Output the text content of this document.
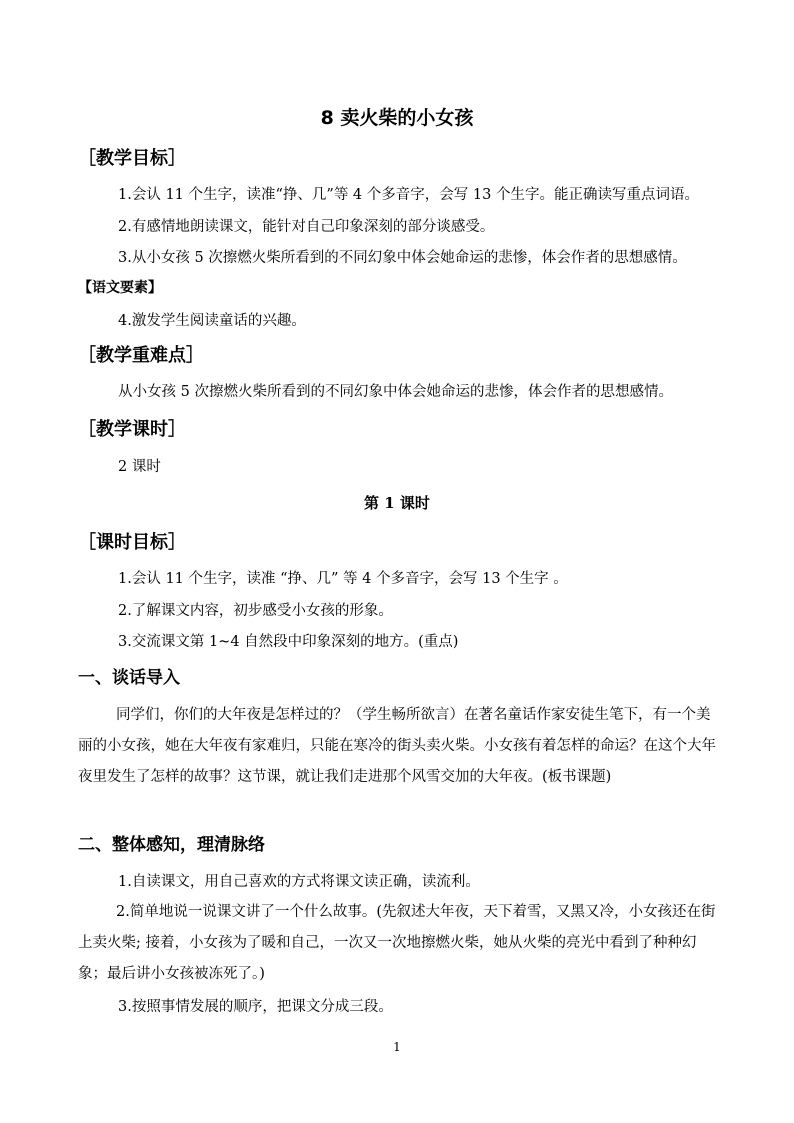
8 卖火柴的小女孩
［教学目标］
1.会认 11 个生字，读准“挣、几”等 4 个多音字，会写 13 个生字。能正确读写重点词语。
2.有感情地朗读课文，能针对自己印象深刻的部分谈感受。
3.从小女孩 5 次擦燃火柴所看到的不同幻象中体会她命运的悲惨，体会作者的思想感情。
【语文要素】
4.激发学生阅读童话的兴趣。
［教学重难点］
从小女孩 5 次擦燃火柴所看到的不同幻象中体会她命运的悲惨，体会作者的思想感情。
［教学课时］
2 课时
第 1 课时
［课时目标］
1.会认 11 个生字，读准 “挣、几” 等 4 个多音字，会写 13 个生字 。
2.了解课文内容，初步感受小女孩的形象。
3.交流课文第 1~4 自然段中印象深刻的地方。(重点)
一、谈话导入
同学们，你们的大年夜是怎样过的？（学生畅所欲言）在著名童话作家安徒生笔下，有一个美丽的小女孩，她在大年夜有家难归，只能在寒冷的街头卖火柴。小女孩有着怎样的命运？在这个大年夜里发生了怎样的故事？这节课，就让我们走进那个风雪交加的大年夜。(板书课题)
二、整体感知，理清脉络
1.自读课文，用自己喜欢的方式将课文读正确，读流利。
2.简单地说一说课文讲了一个什么故事。(先叙述大年夜，天下着雪，又黑又冷，小女孩还在街上卖火柴; 接着，小女孩为了暖和自己，一次又一次地擦燃火柴，她从火柴的亮光中看到了种种幻象；最后讲小女孩被冻死了。)
3.按照事情发展的顺序，把课文分成三段。
1
